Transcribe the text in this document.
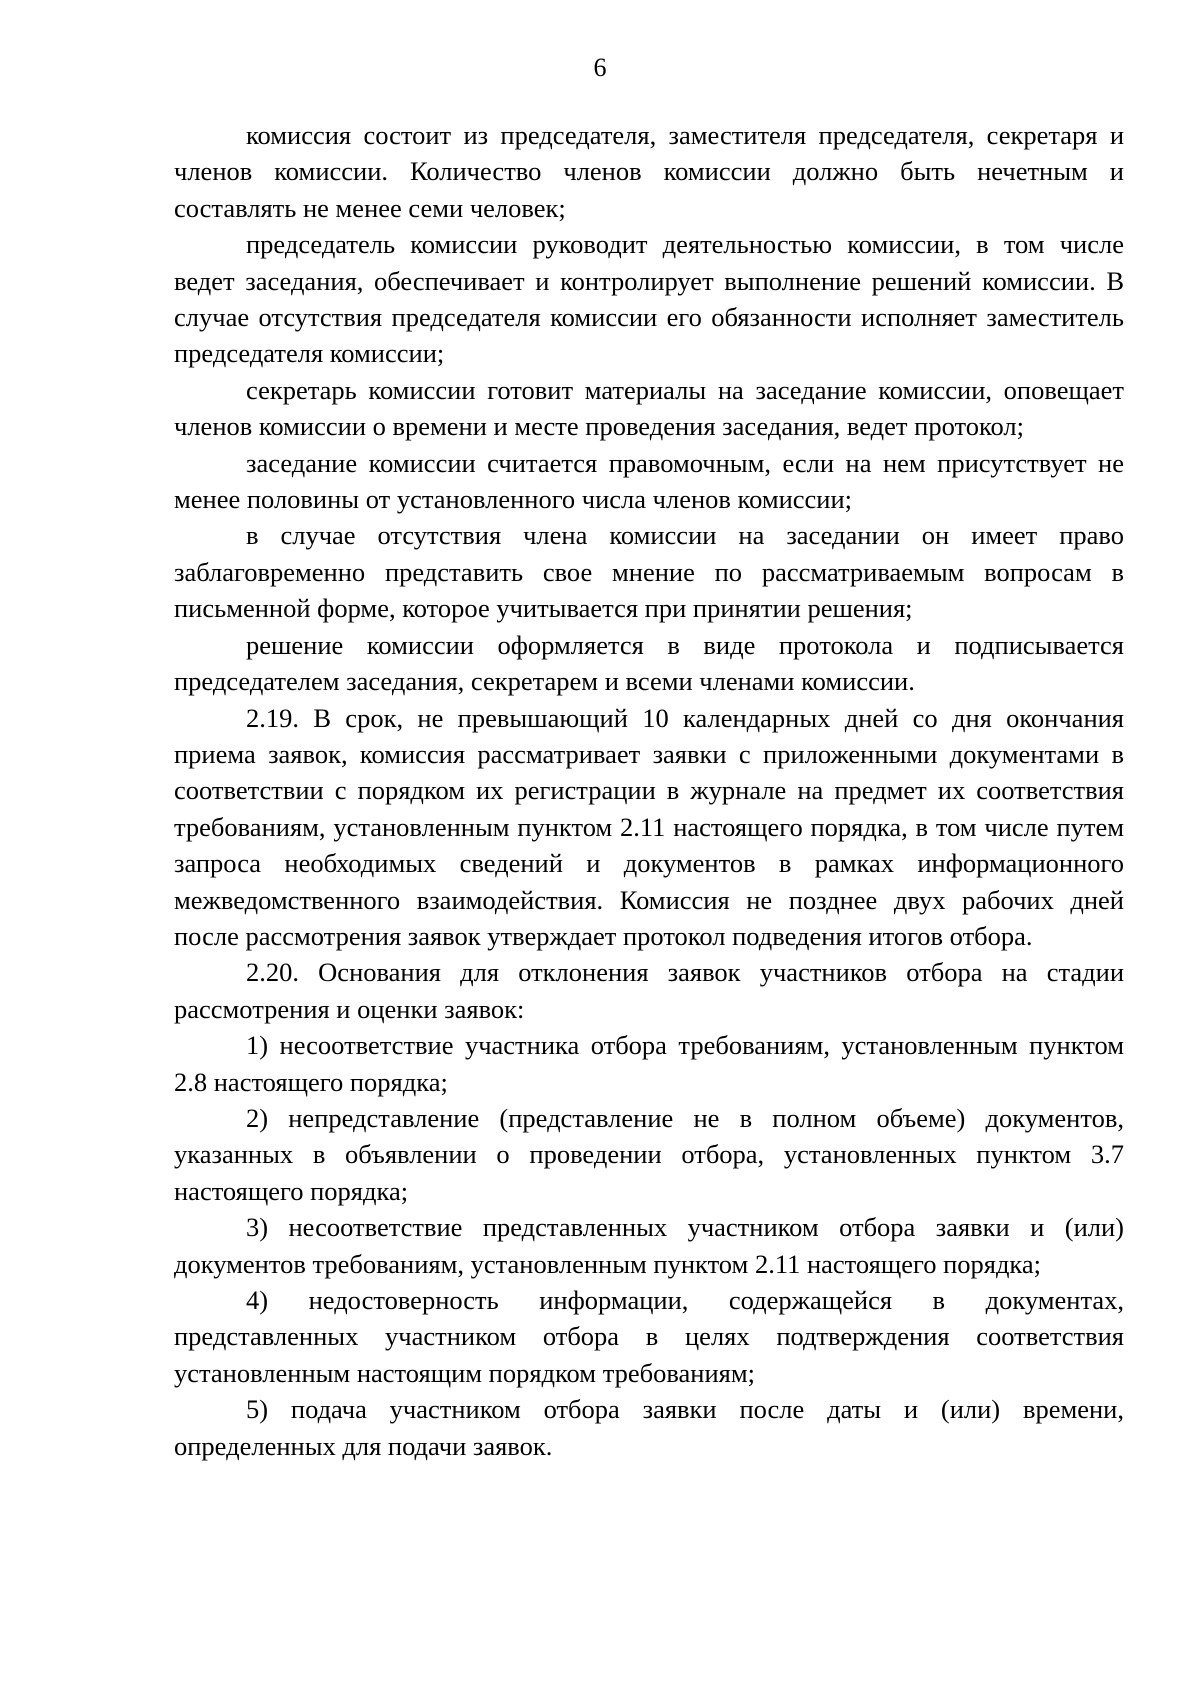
6

комиссия состоит из председателя, заместителя председателя, секретаря и членов комиссии. Количество членов комиссии должно быть нечетным и составлять не менее семи человек;

председатель комиссии руководит деятельностью комиссии, в том числе ведет заседания, обеспечивает и контролирует выполнение решений комиссии. В случае отсутствия председателя комиссии его обязанности исполняет заместитель председателя комиссии;

секретарь комиссии готовит материалы на заседание комиссии, оповещает членов комиссии о времени и месте проведения заседания, ведет протокол;

заседание комиссии считается правомочным, если на нем присутствует не менее половины от установленного числа членов комиссии;

в случае отсутствия члена комиссии на заседании он имеет право заблаговременно представить свое мнение по рассматриваемым вопросам в письменной форме, которое учитывается при принятии решения;

решение комиссии оформляется в виде протокола и подписывается председателем заседания, секретарем и всеми членами комиссии.

2.19. В срок, не превышающий 10 календарных дней со дня окончания приема заявок, комиссия рассматривает заявки с приложенными документами в соответствии с порядком их регистрации в журнале на предмет их соответствия требованиям, установленным пунктом 2.11 настоящего порядка, в том числе путем запроса необходимых сведений и документов в рамках информационного межведомственного взаимодействия. Комиссия не позднее двух рабочих дней после рассмотрения заявок утверждает протокол подведения итогов отбора.

2.20. Основания для отклонения заявок участников отбора на стадии рассмотрения и оценки заявок:

1) несоответствие участника отбора требованиям, установленным пунктом 2.8 настоящего порядка;

2) непредставление (представление не в полном объеме) документов, указанных в объявлении о проведении отбора, установленных пунктом 3.7 настоящего порядка;

3) несоответствие представленных участником отбора заявки и (или) документов требованиям, установленным пунктом 2.11 настоящего порядка;

4) недостоверность информации, содержащейся в документах, представленных участником отбора в целях подтверждения соответствия установленным настоящим порядком требованиям;

5) подача участником отбора заявки после даты и (или) времени, определенных для подачи заявок.
